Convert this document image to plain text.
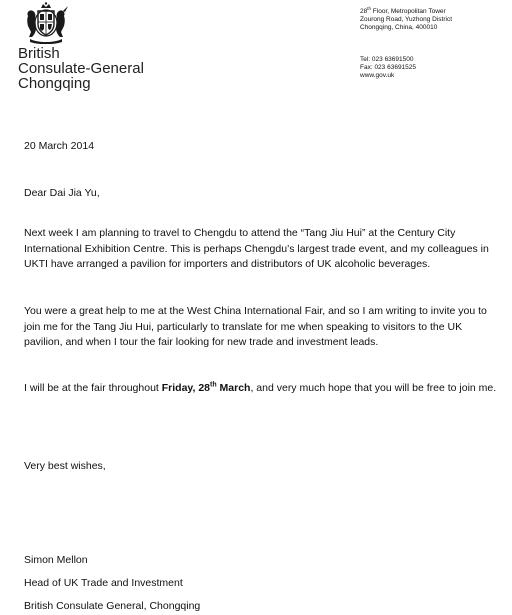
British
Consulate-General
Chongqing
28th Floor, Metropolitan Tower
Zourong Road, Yuzhong District
Chongqing, China, 400010
Tel: 023 63691500
Fax: 023 63691525
www.gov.uk
20 March 2014
Dear Dai Jia Yu,
Next week I am planning to travel to Chengdu to attend the “Tang Jiu Hui” at the Century City International Exhibition Centre. This is perhaps Chengdu’s largest trade event, and my colleagues in UKTI have arranged a pavilion for importers and distributors of UK alcoholic beverages.
You were a great help to me at the West China International Fair, and so I am writing to invite you to join me for the Tang Jiu Hui, particularly to translate for me when speaking to visitors to the UK pavilion, and when I tour the fair looking for new trade and investment leads.
I will be at the fair throughout Friday, 28th March, and very much hope that you will be free to join me.
Very best wishes,
Simon Mellon
Head of UK Trade and Investment
British Consulate General, Chongqing
